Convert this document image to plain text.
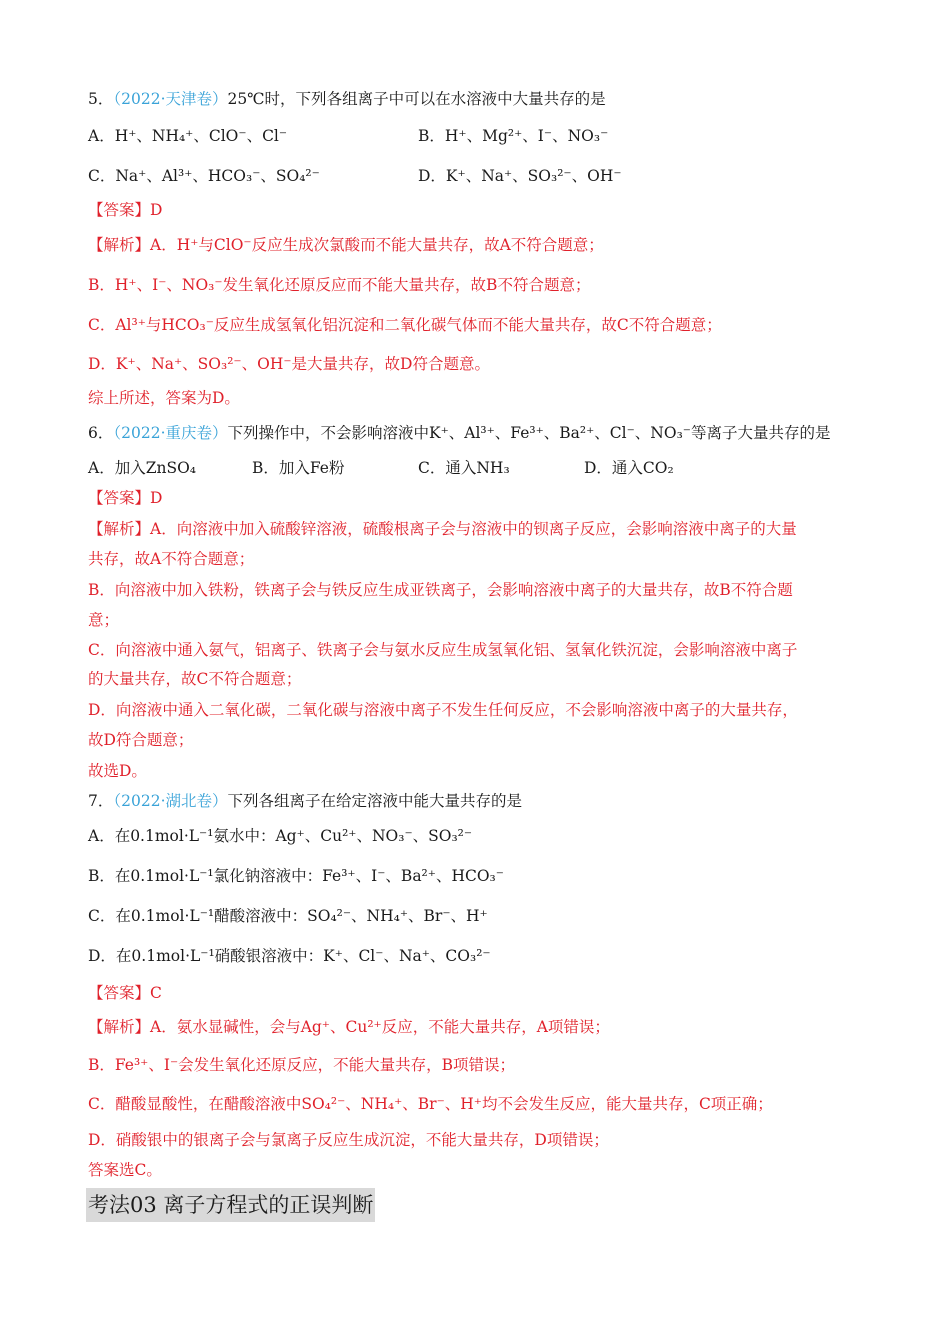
5．（2022·天津卷）25℃时，下列各组离子中可以在水溶液中大量共存的是
A．H⁺、NH₄⁺、ClO⁻、Cl⁻	B．H⁺、Mg²⁺、I⁻、NO₃⁻
C．Na⁺、Al³⁺、HCO₃⁻、SO₄²⁻	D．K⁺、Na⁺、SO₃²⁻、OH⁻
【答案】D
【解析】A．H⁺与ClO⁻反应生成次氯酸而不能大量共存，故A不符合题意；
B．H⁺、I⁻、NO₃⁻发生氧化还原反应而不能大量共存，故B不符合题意；
C．Al³⁺与HCO₃⁻反应生成氢氧化铝沉淀和二氧化碳气体而不能大量共存，故C不符合题意；
D．K⁺、Na⁺、SO₃²⁻、OH⁻是大量共存，故D符合题意。
综上所述，答案为D。
6．（2022·重庆卷）下列操作中，不会影响溶液中K⁺、Al³⁺、Fe³⁺、Ba²⁺、Cl⁻、NO₃⁻等离子大量共存的是
A．加入ZnSO₄	B．加入Fe粉	C．通入NH₃	D．通入CO₂
【答案】D
【解析】A．向溶液中加入硫酸锌溶液，硫酸根离子会与溶液中的钡离子反应，会影响溶液中离子的大量
共存，故A不符合题意；
B．向溶液中加入铁粉，铁离子会与铁反应生成亚铁离子，会影响溶液中离子的大量共存，故B不符合题
意；
C．向溶液中通入氨气，铝离子、铁离子会与氨水反应生成氢氧化铝、氢氧化铁沉淀，会影响溶液中离子
的大量共存，故C不符合题意；
D．向溶液中通入二氧化碳，二氧化碳与溶液中离子不发生任何反应，不会影响溶液中离子的大量共存，
故D符合题意；
故选D。
7．（2022·湖北卷）下列各组离子在给定溶液中能大量共存的是
A．在0.1mol·L⁻¹氨水中：Ag⁺、Cu²⁺、NO₃⁻、SO₃²⁻
B．在0.1mol·L⁻¹氯化钠溶液中：Fe³⁺、I⁻、Ba²⁺、HCO₃⁻
C．在0.1mol·L⁻¹醋酸溶液中：SO₄²⁻、NH₄⁺、Br⁻、H⁺
D．在0.1mol·L⁻¹硝酸银溶液中：K⁺、Cl⁻、Na⁺、CO₃²⁻
【答案】C
【解析】A．氨水显碱性，会与Ag⁺、Cu²⁺反应，不能大量共存，A项错误；
B．Fe³⁺、I⁻会发生氧化还原反应，不能大量共存，B项错误；
C．醋酸显酸性，在醋酸溶液中SO₄²⁻、NH₄⁺、Br⁻、H⁺均不会发生反应，能大量共存，C项正确；
D．硝酸银中的银离子会与氯离子反应生成沉淀，不能大量共存，D项错误；
答案选C。
考法03 离子方程式的正误判断
